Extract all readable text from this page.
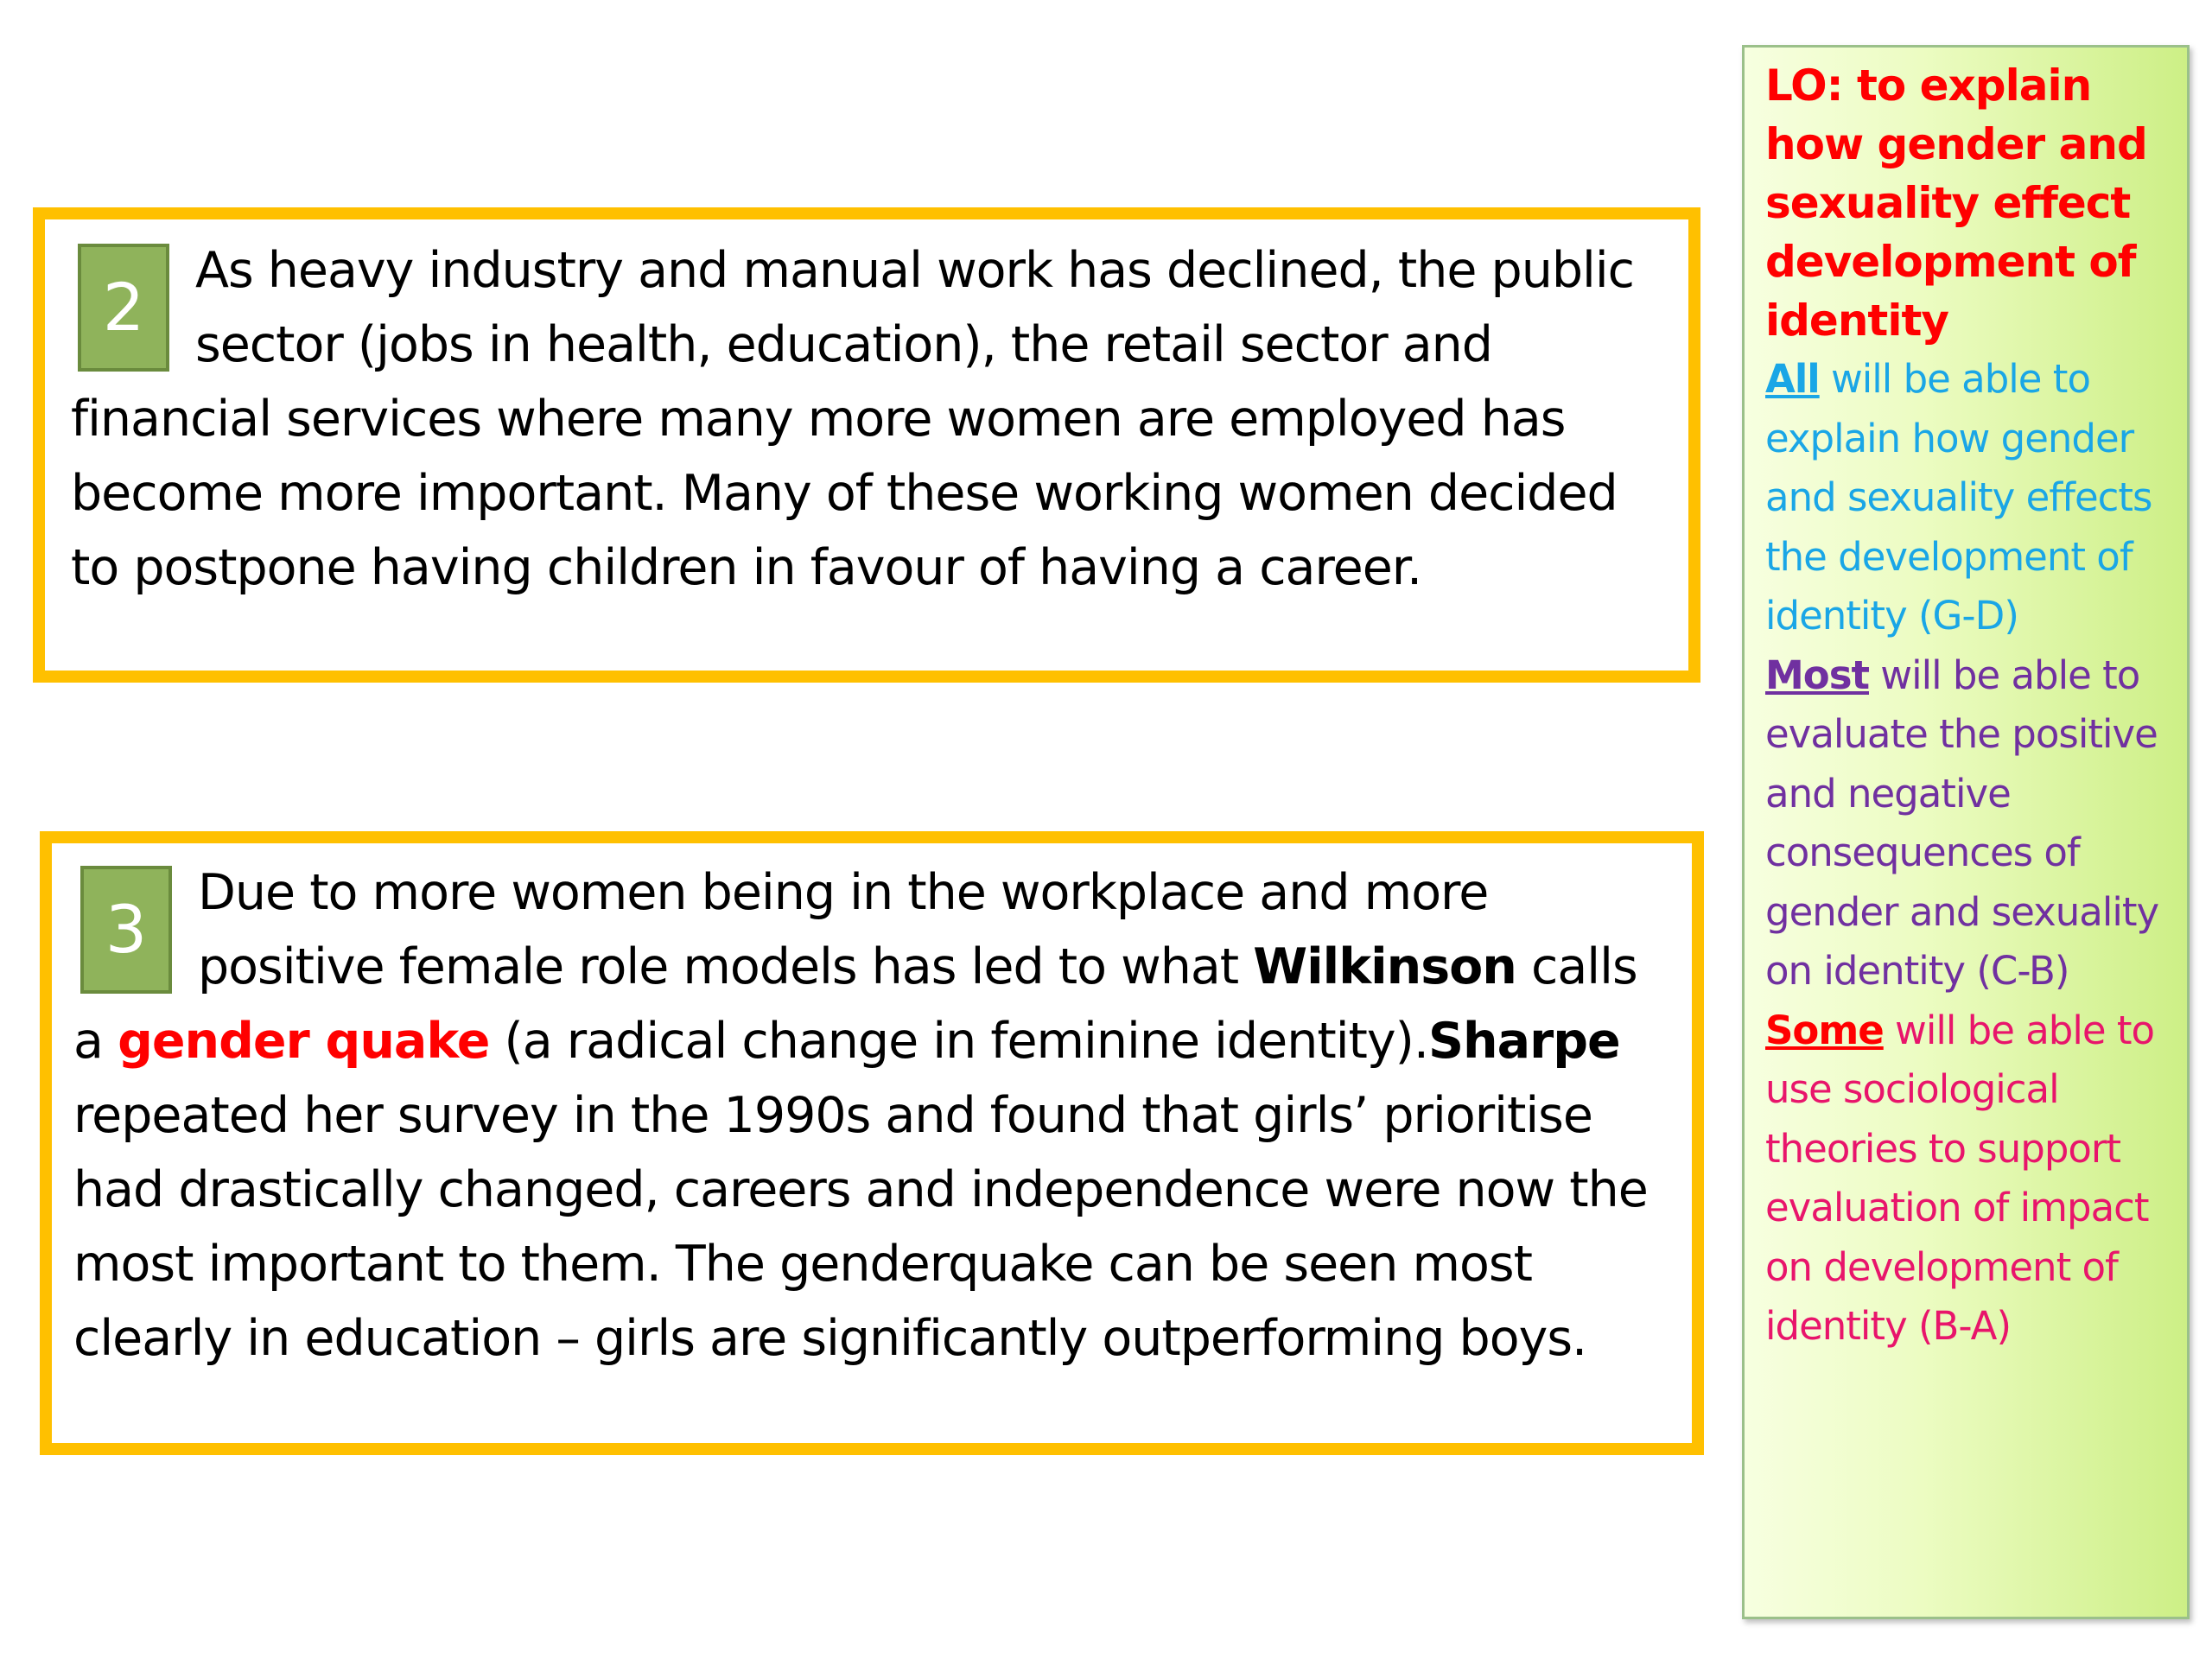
2	As heavy industry and manual work has declined, the public sector (jobs in health, education), the retail sector and financial services where many more women are employed has become more important. Many of these working women decided to postpone having children in favour of having a career.
3	Due to more women being in the workplace and more positive female role models has led to what Wilkinson calls a gender quake (a radical change in feminine identity).Sharpe repeated her survey in the 1990s and found that girls’ prioritise had drastically changed, careers and independence were now the most important to them. The genderquake can be seen most clearly in education – girls are significantly outperforming boys.

LO: to explain how gender and sexuality effect development of identity

All will be able to explain how gender and sexuality effects the development of identity (G-D)

Most will be able to evaluate the positive and negative consequences of gender and sexuality on identity (C-B)

Some will be able to use sociological theories to support evaluation of impact on development of identity (B-A)
